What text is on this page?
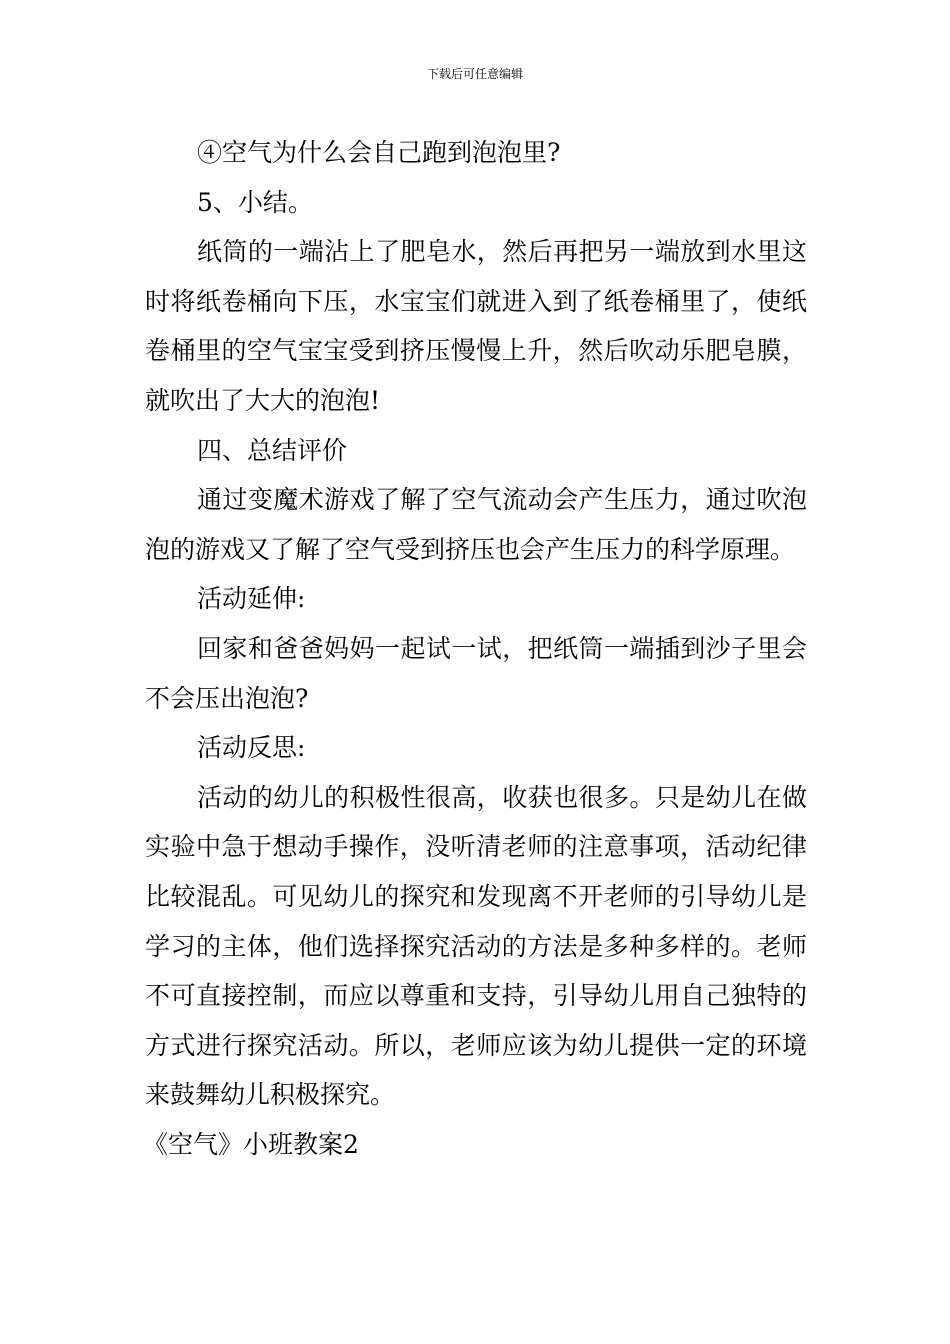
下载后可任意编辑

④空气为什么会自己跑到泡泡里?

5、小结。

纸筒的一端沾上了肥皂水，然后再把另一端放到水里这时将纸卷桶向下压，水宝宝们就进入到了纸卷桶里了，使纸卷桶里的空气宝宝受到挤压慢慢上升，然后吹动乐肥皂膜，就吹出了大大的泡泡!

四、总结评价

通过变魔术游戏了解了空气流动会产生压力，通过吹泡泡的游戏又了解了空气受到挤压也会产生压力的科学原理。

活动延伸:

回家和爸爸妈妈一起试一试，把纸筒一端插到沙子里会不会压出泡泡?

活动反思:

活动的幼儿的积极性很高，收获也很多。只是幼儿在做实验中急于想动手操作，没听清老师的注意事项，活动纪律比较混乱。可见幼儿的探究和发现离不开老师的引导幼儿是学习的主体，他们选择探究活动的方法是多种多样的。老师不可直接控制，而应以尊重和支持，引导幼儿用自己独特的方式进行探究活动。所以，老师应该为幼儿提供一定的环境来鼓舞幼儿积极探究。

《空气》小班教案2
